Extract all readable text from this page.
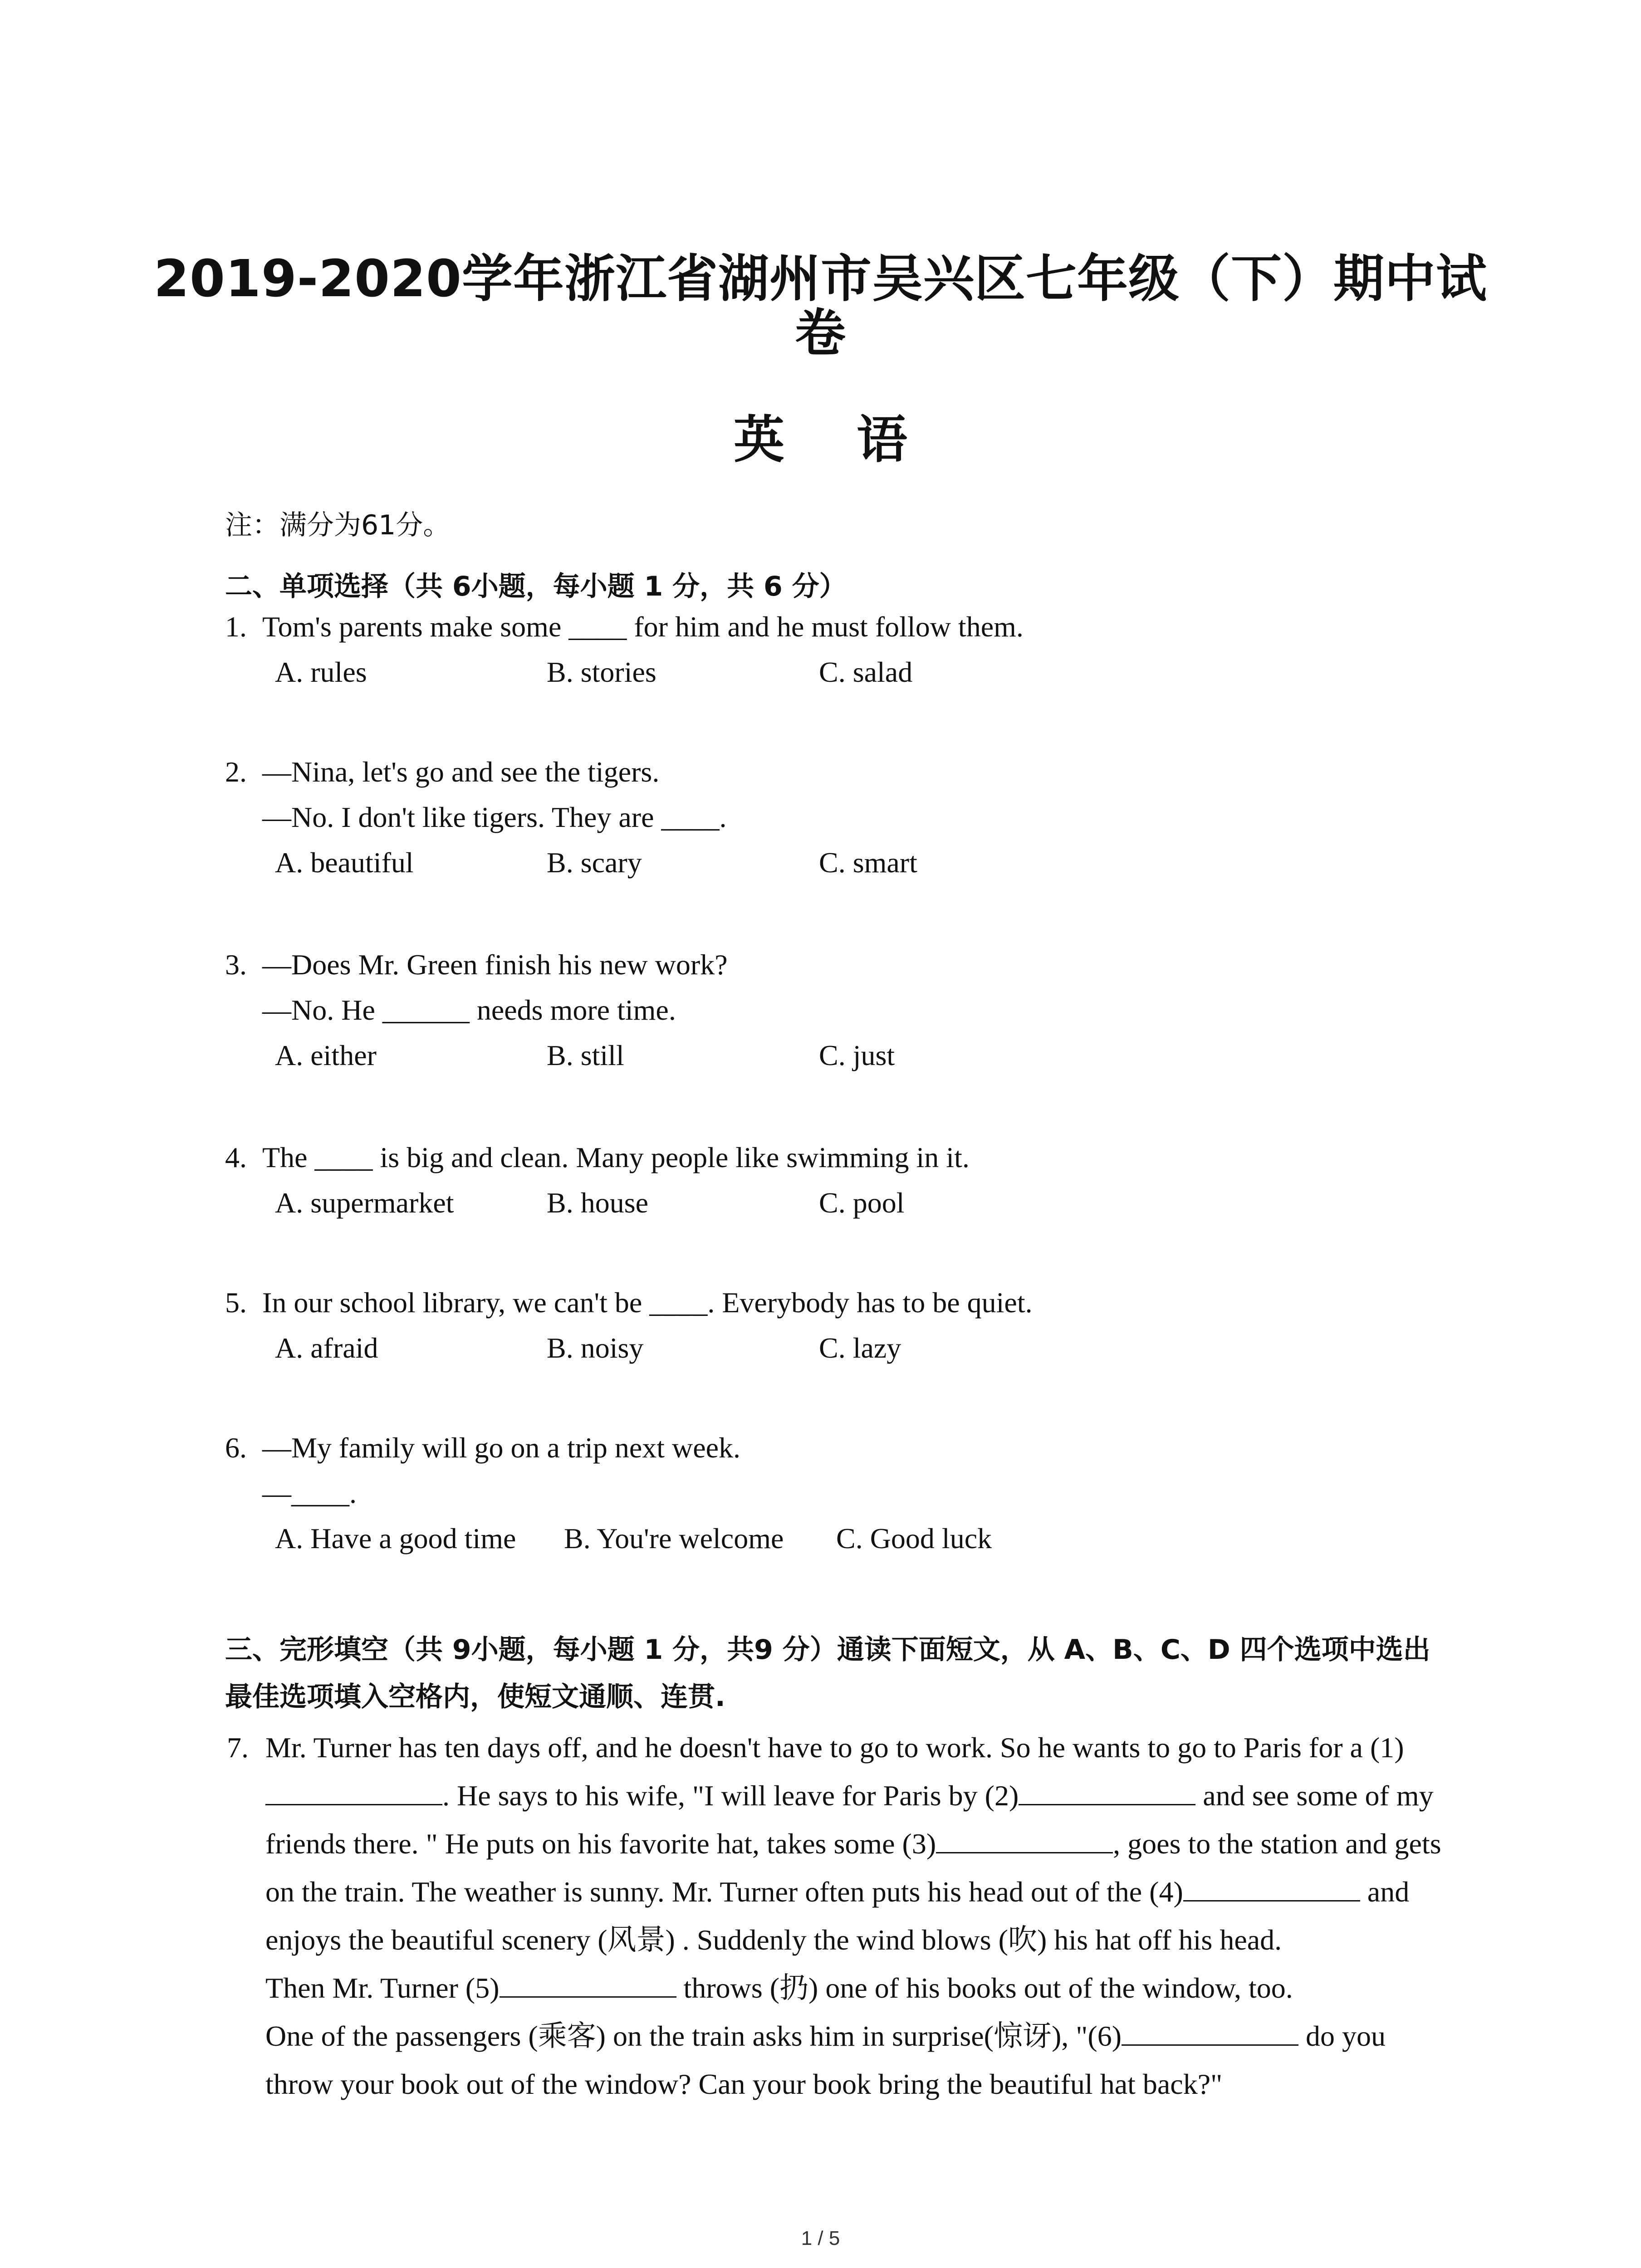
2019-2020学年浙江省湖州市吴兴区七年级（下）期中试卷
英 语
注：满分为61分。
二、单项选择（共 6小题，每小题 1 分，共 6 分）
1. Tom's parents make some ____ for him and he must follow them.
A. rules	B. stories	C. salad
2. —Nina, let's go and see the tigers.
—No. I don't like tigers. They are ____.
A. beautiful	B. scary	C. smart
3. —Does Mr. Green finish his new work?
—No. He ______ needs more time.
A. either	B. still	C. just
4. The ____ is big and clean. Many people like swimming in it.
A. supermarket	B. house	C. pool
5. In our school library, we can't be ____. Everybody has to be quiet.
A. afraid	B. noisy	C. lazy
6. —My family will go on a trip next week.
—____.
A. Have a good time B. You're welcome C. Good luck
三、完形填空（共 9小题，每小题 1 分，共9 分）通读下面短文，从 A、B、C、D 四个选项中选出最佳选项填入空格内，使短文通顺、连贯.
7. Mr. Turner has ten days off, and he doesn't have to go to work. So he wants to go to Paris for a (1). He says to his wife, "I will leave for Paris by (2)	and see some of my friends there. " He puts on his favorite hat, takes some (3)	, goes to the station and gets on the train. The weather is sunny. Mr. Turner often puts his head out of the (4)	and enjoys the beautiful scenery (风景) . Suddenly the wind blows (吹) his hat off his head.

Then Mr. Turner (5)	throws (扔) one of his books out of the window, too.

One of the passengers (乘客) on the train asks him in surprise(惊讶), "(6)	do you throw your book out of the window? Can your book bring the beautiful hat back?"

1 / 5
